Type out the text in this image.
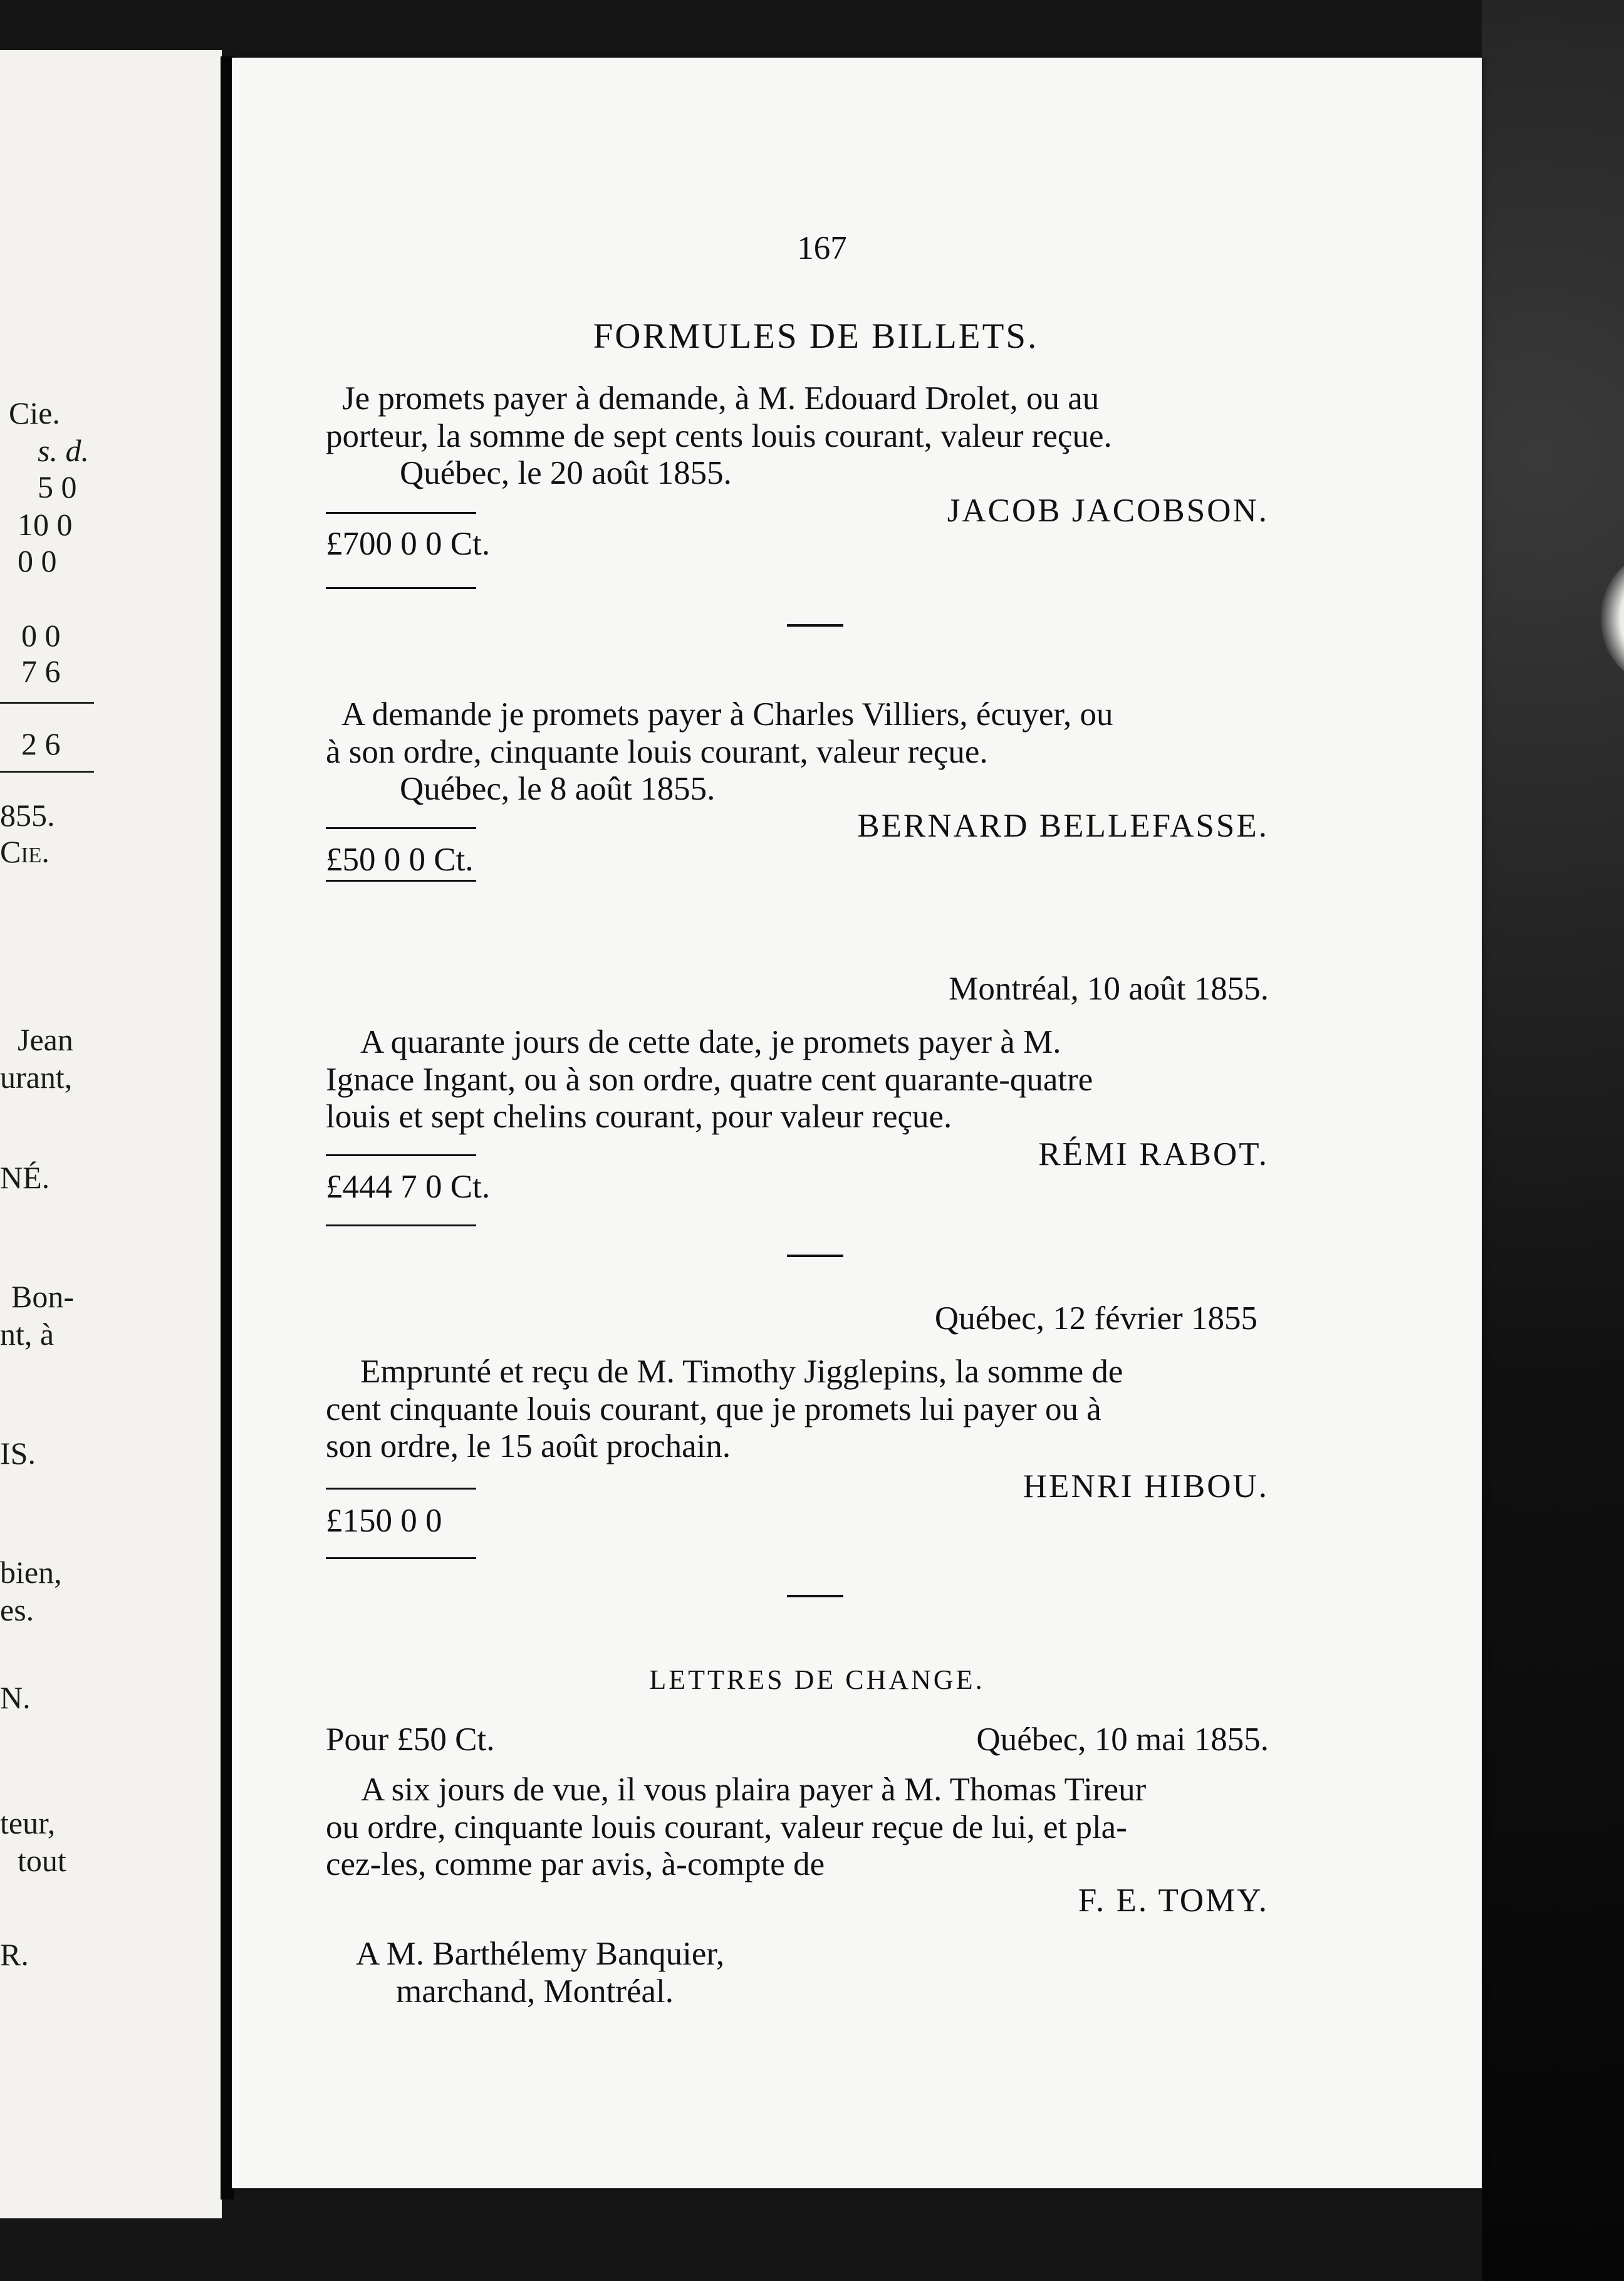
Cie.
s. d.
5 0
10 0
0 0
0 0
7 6
2 6
855.
Cie.
Jean
urant,
NÉ.
Bon-
nt, à
IS.
bien,
es.
N.
teur,
tout
R.
167
FORMULES DE BILLETS.
Je promets payer à demande, à M. Edouard Drolet, ou au
porteur, la somme de sept cents louis courant, valeur reçue.
Québec, le 20 août 1855.
JACOB JACOBSON.
£700 0 0 Ct.
A demande je promets payer à Charles Villiers, écuyer, ou
à son ordre, cinquante louis courant, valeur reçue.
Québec, le 8 août 1855.
BERNARD BELLEFASSE.
£50 0 0 Ct.
Montréal, 10 août 1855.
A quarante jours de cette date, je promets payer à M.
Ignace Ingant, ou à son ordre, quatre cent quarante-quatre
louis et sept chelins courant, pour valeur reçue.
RÉMI RABOT.
£444 7 0 Ct.
Québec, 12 février 1855
Emprunté et reçu de M. Timothy Jigglepins, la somme de
cent cinquante louis courant, que je promets lui payer ou à
son ordre, le 15 août prochain.
HENRI HIBOU.
£150 0 0
LETTRES DE CHANGE.
Pour £50 Ct.	Québec, 10 mai 1855.
A six jours de vue, il vous plaira payer à M. Thomas Tireur
ou ordre, cinquante louis courant, valeur reçue de lui, et pla-
cez-les, comme par avis, à-compte de
F. E. TOMY.
A M. Barthélemy Banquier,
marchand, Montréal.
